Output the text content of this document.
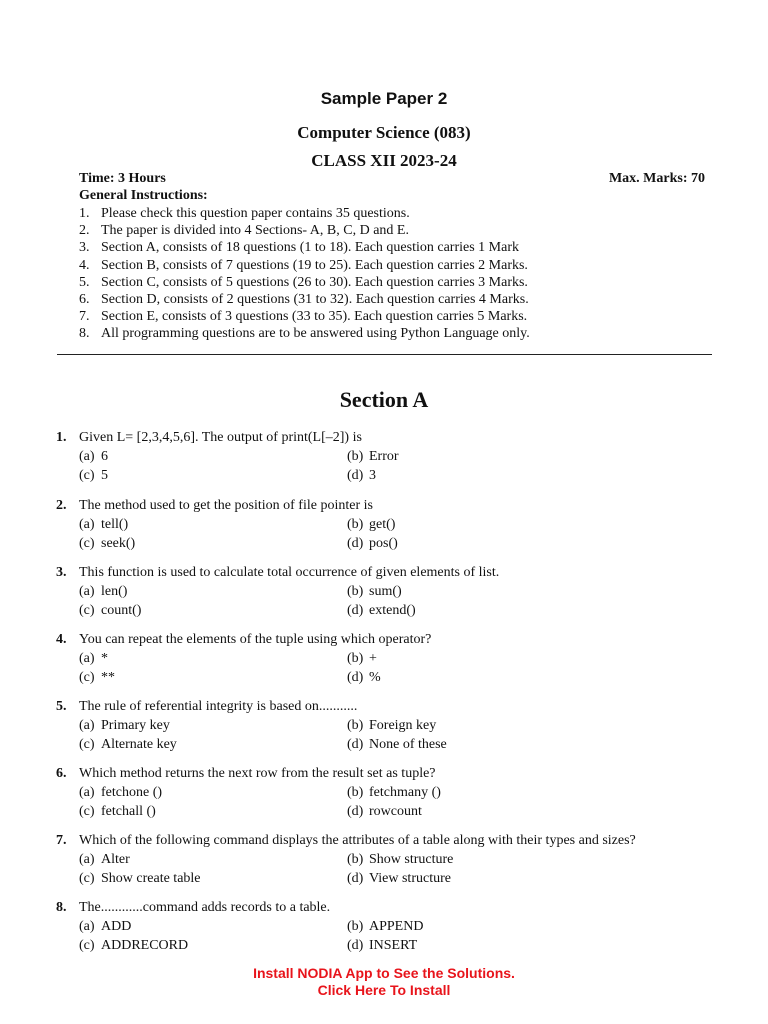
Sample Paper 2
Computer Science (083)
CLASS XII 2023-24
Time: 3 Hours	Max. Marks: 70
General Instructions:
1. Please check this question paper contains 35 questions.
2. The paper is divided into 4 Sections- A, B, C, D and E.
3. Section A, consists of 18 questions (1 to 18). Each question carries 1 Mark
4. Section B, consists of 7 questions (19 to 25). Each question carries 2 Marks.
5. Section C, consists of 5 questions (26 to 30). Each question carries 3 Marks.
6. Section D, consists of 2 questions (31 to 32). Each question carries 4 Marks.
7. Section E, consists of 3 questions (33 to 35). Each question carries 5 Marks.
8. All programming questions are to be answered using Python Language only.
Section A
1. Given L= [2,3,4,5,6]. The output of print(L[–2]) is
(a) 6	(b) Error
(c) 5	(d) 3
2. The method used to get the position of file pointer is
(a) tell()	(b) get()
(c) seek()	(d) pos()
3. This function is used to calculate total occurrence of given elements of list.
(a) len()	(b) sum()
(c) count()	(d) extend()
4. You can repeat the elements of the tuple using which operator?
(a) *	(b) +
(c) **	(d) %
5. The rule of referential integrity is based on...........
(a) Primary key	(b) Foreign key
(c) Alternate key	(d) None of these
6. Which method returns the next row from the result set as tuple?
(a) fetchone ()	(b) fetchmany ()
(c) fetchall ()	(d) rowcount
7. Which of the following command displays the attributes of a table along with their types and sizes?
(a) Alter	(b) Show structure
(c) Show create table	(d) View structure
8. The............command adds records to a table.
(a) ADD	(b) APPEND
(c) ADDRECORD	(d) INSERT
Install NODIA App to See the Solutions.
Click Here To Install
